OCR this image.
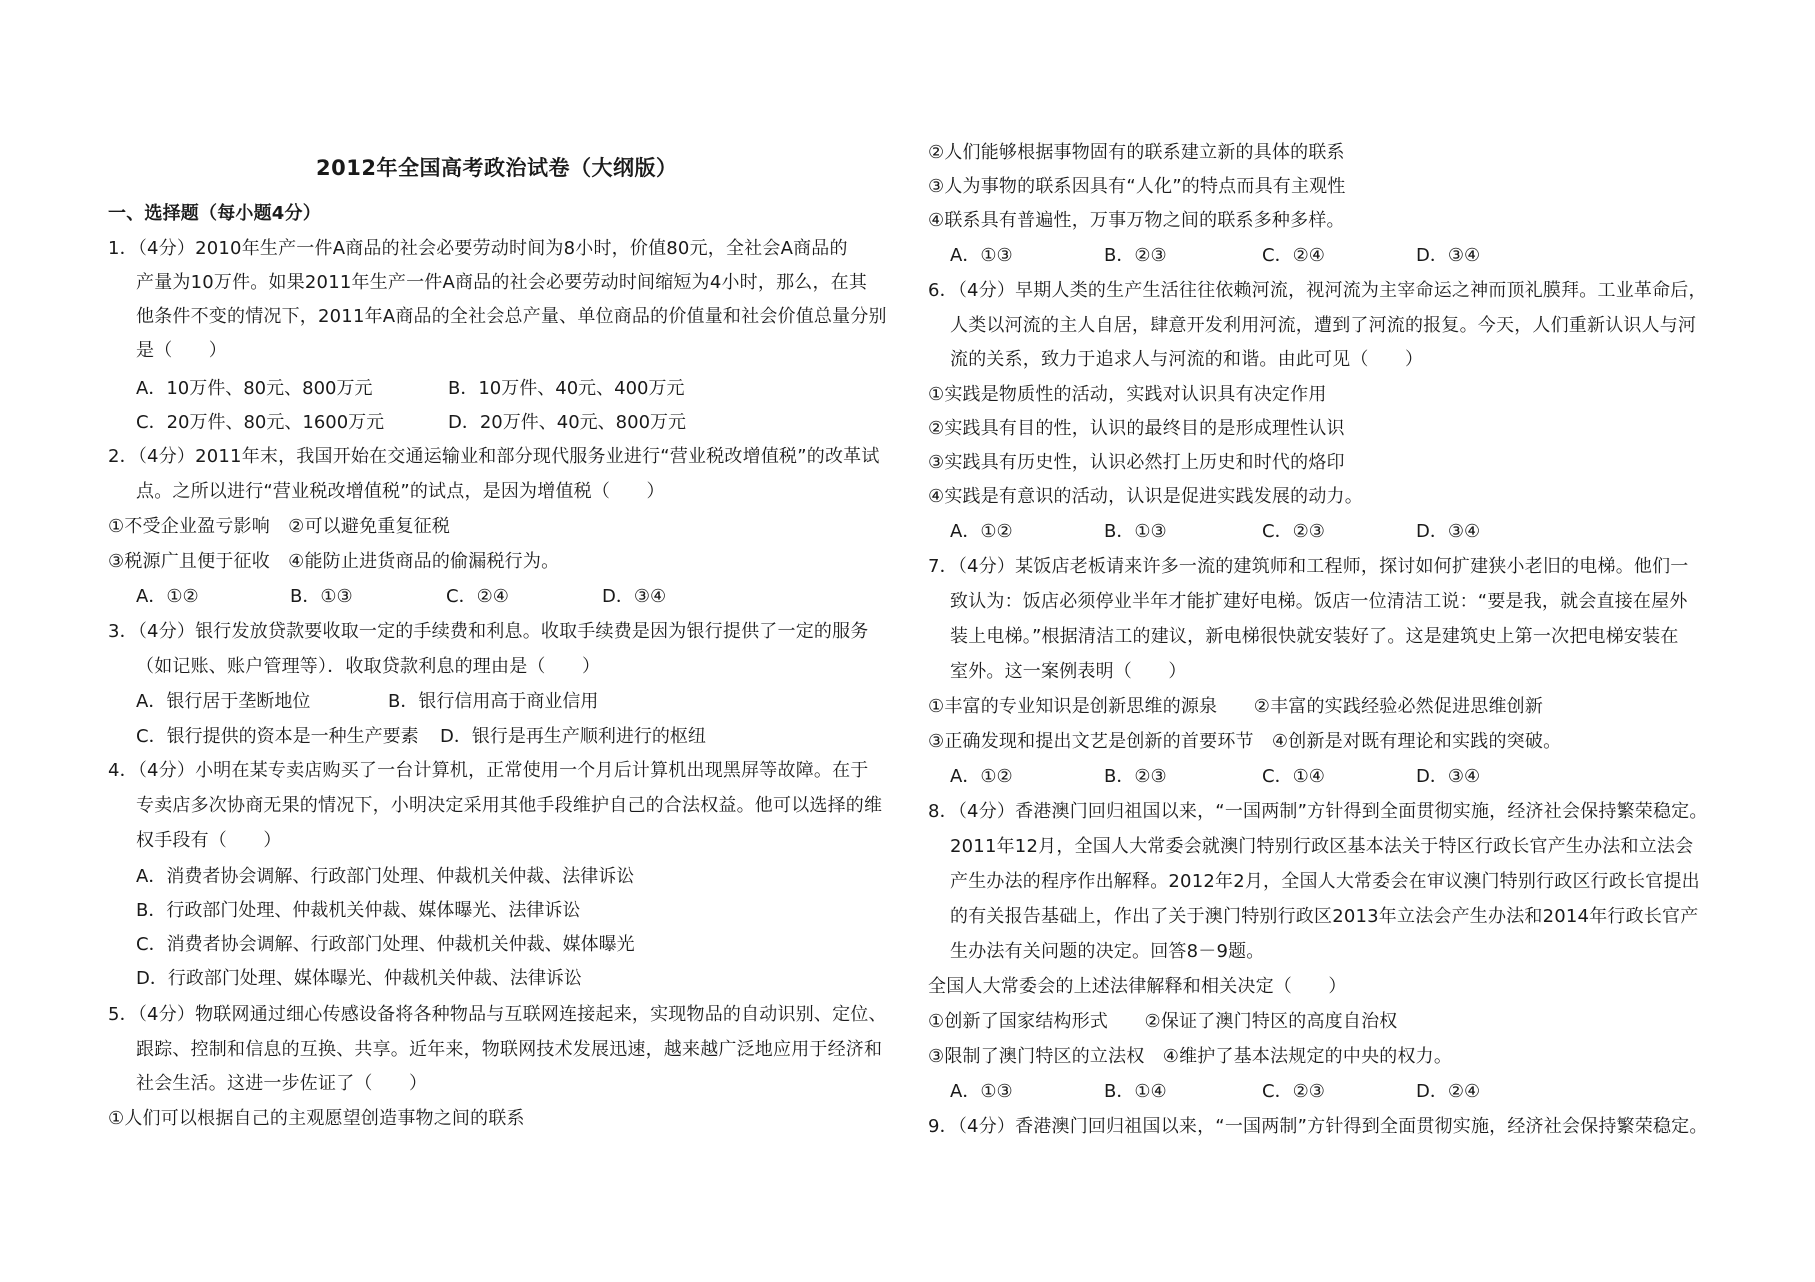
2012年全国高考政治试卷（大纲版）
一、选择题（每小题4分）
1．（4分）2010年生产一件A商品的社会必要劳动时间为8小时，价值80元，全社会A商品的
产量为10万件。如果2011年生产一件A商品的社会必要劳动时间缩短为4小时，那么，在其
他条件不变的情况下，2011年A商品的全社会总产量、单位商品的价值量和社会价值总量分别
是（　　）
A．10万件、80元、800万元	B．10万件、40元、400万元
C．20万件、80元、1600万元	D．20万件、40元、800万元
2．（4分）2011年末，我国开始在交通运输业和部分现代服务业进行“营业税改增值税”的改革试
点。之所以进行“营业税改增值税”的试点，是因为增值税（　　）
①不受企业盈亏影响　②可以避免重复征税
③税源广且便于征收　④能防止进货商品的偷漏税行为。
A．①②	B．①③	C．②④	D．③④
3．（4分）银行发放贷款要收取一定的手续费和利息。收取手续费是因为银行提供了一定的服务
（如记账、账户管理等）．收取贷款利息的理由是（　　）
A．银行居于垄断地位	B．银行信用高于商业信用
C．银行提供的资本是一种生产要素 D．银行是再生产顺利进行的枢纽
4．（4分）小明在某专卖店购买了一台计算机，正常使用一个月后计算机出现黑屏等故障。在于
专卖店多次协商无果的情况下，小明决定采用其他手段维护自己的合法权益。他可以选择的维
权手段有（　　）
A．消费者协会调解、行政部门处理、仲裁机关仲裁、法律诉讼
B．行政部门处理、仲裁机关仲裁、媒体曝光、法律诉讼
C．消费者协会调解、行政部门处理、仲裁机关仲裁、媒体曝光
D．行政部门处理、媒体曝光、仲裁机关仲裁、法律诉讼
5．（4分）物联网通过细心传感设备将各种物品与互联网连接起来，实现物品的自动识别、定位、
跟踪、控制和信息的互换、共享。近年来，物联网技术发展迅速，越来越广泛地应用于经济和
社会生活。这进一步佐证了（　　）
①人们可以根据自己的主观愿望创造事物之间的联系
②人们能够根据事物固有的联系建立新的具体的联系
③人为事物的联系因具有“人化”的特点而具有主观性
④联系具有普遍性，万事万物之间的联系多种多样。
A．①③	B．②③	C．②④	D．③④
6．（4分）早期人类的生产生活往往依赖河流，视河流为主宰命运之神而顶礼膜拜。工业革命后，
人类以河流的主人自居，肆意开发利用河流，遭到了河流的报复。今天，人们重新认识人与河
流的关系，致力于追求人与河流的和谐。由此可见（　　）
①实践是物质性的活动，实践对认识具有决定作用
②实践具有目的性，认识的最终目的是形成理性认识
③实践具有历史性，认识必然打上历史和时代的烙印
④实践是有意识的活动，认识是促进实践发展的动力。
A．①②	B．①③	C．②③	D．③④
7．（4分）某饭店老板请来许多一流的建筑师和工程师，探讨如何扩建狭小老旧的电梯。他们一
致认为：饭店必须停业半年才能扩建好电梯。饭店一位清洁工说：“要是我，就会直接在屋外
装上电梯。”根据清洁工的建议，新电梯很快就安装好了。这是建筑史上第一次把电梯安装在
室外。这一案例表明（　　）
①丰富的专业知识是创新思维的源泉　　②丰富的实践经验必然促进思维创新
③正确发现和提出文艺是创新的首要环节　④创新是对既有理论和实践的突破。
A．①②	B．②③	C．①④	D．③④
8．（4分）香港澳门回归祖国以来，“一国两制”方针得到全面贯彻实施，经济社会保持繁荣稳定。
2011年12月，全国人大常委会就澳门特别行政区基本法关于特区行政长官产生办法和立法会
产生办法的程序作出解释。2012年2月，全国人大常委会在审议澳门特别行政区行政长官提出
的有关报告基础上，作出了关于澳门特别行政区2013年立法会产生办法和2014年行政长官产
生办法有关问题的决定。回答8－9题。
全国人大常委会的上述法律解释和相关决定（　　）
①创新了国家结构形式　　②保证了澳门特区的高度自治权
③限制了澳门特区的立法权　④维护了基本法规定的中央的权力。
A．①③	B．①④	C．②③	D．②④
9．（4分）香港澳门回归祖国以来，“一国两制”方针得到全面贯彻实施，经济社会保持繁荣稳定。
